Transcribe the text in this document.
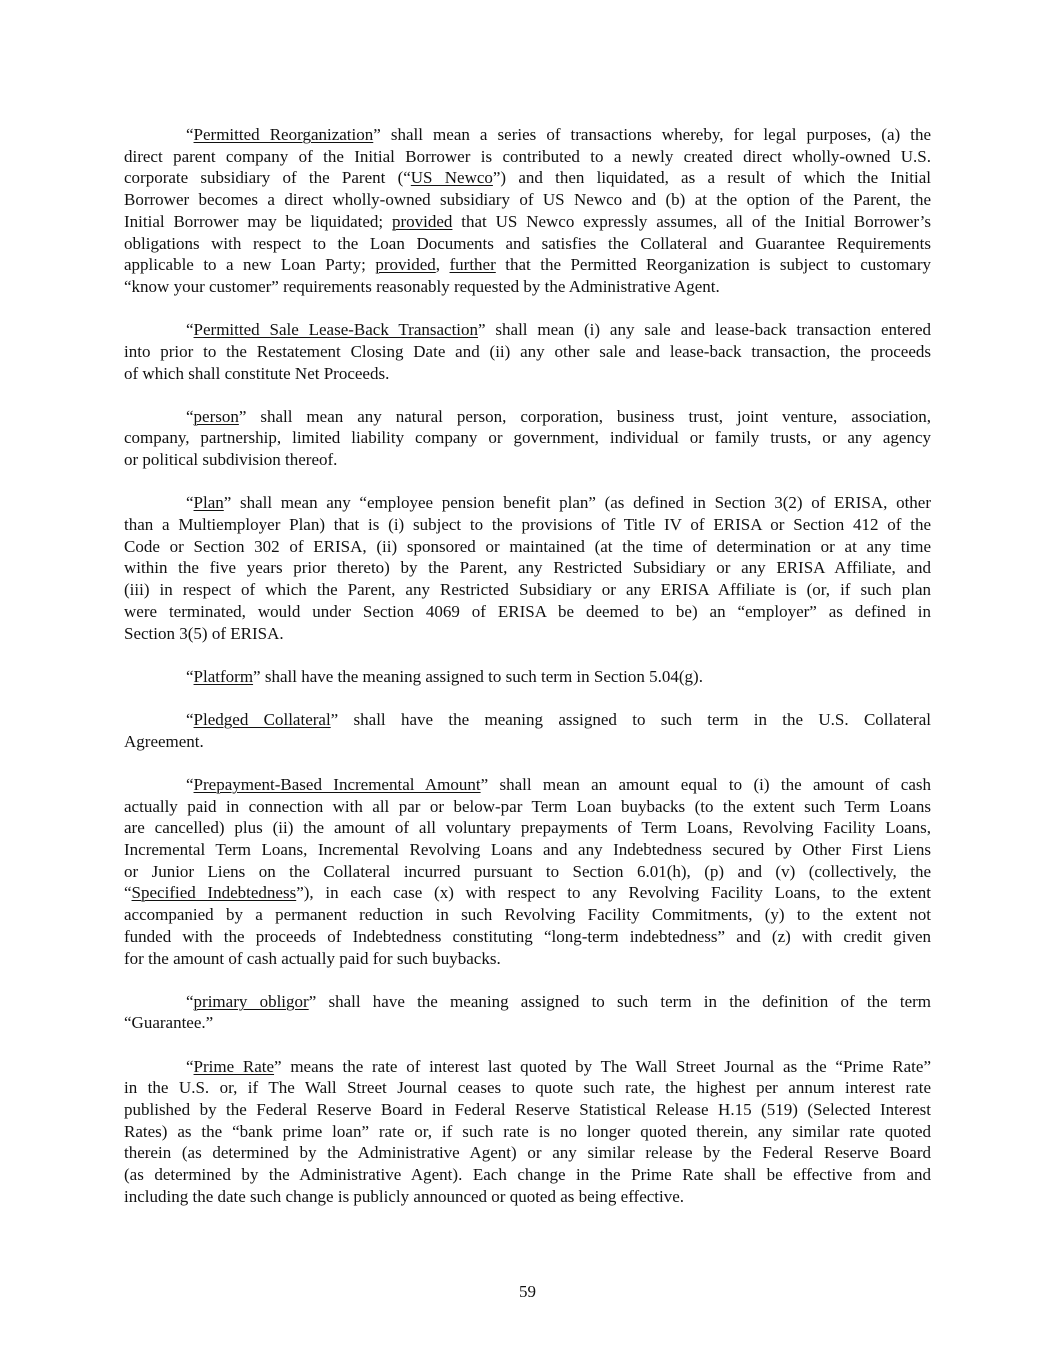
“Permitted Reorganization” shall mean a series of transactions whereby, for legal purposes, (a) the
direct parent company of the Initial Borrower is contributed to a newly created direct wholly-owned U.S.
corporate subsidiary of the Parent (“US Newco”) and then liquidated, as a result of which the Initial
Borrower becomes a direct wholly-owned subsidiary of US Newco and (b) at the option of the Parent, the
Initial Borrower may be liquidated; provided that US Newco expressly assumes, all of the Initial Borrower’s
obligations with respect to the Loan Documents and satisfies the Collateral and Guarantee Requirements
applicable to a new Loan Party; provided, further that the Permitted Reorganization is subject to customary
“know your customer” requirements reasonably requested by the Administrative Agent.
“Permitted Sale Lease-Back Transaction” shall mean (i) any sale and lease-back transaction entered
into prior to the Restatement Closing Date and (ii) any other sale and lease-back transaction, the proceeds
of which shall constitute Net Proceeds.
“person” shall mean any natural person, corporation, business trust, joint venture, association,
company, partnership, limited liability company or government, individual or family trusts, or any agency
or political subdivision thereof.
“Plan” shall mean any “employee pension benefit plan” (as defined in Section 3(2) of ERISA, other
than a Multiemployer Plan) that is (i) subject to the provisions of Title IV of ERISA or Section 412 of the
Code or Section 302 of ERISA, (ii) sponsored or maintained (at the time of determination or at any time
within the five years prior thereto) by the Parent, any Restricted Subsidiary or any ERISA Affiliate, and
(iii) in respect of which the Parent, any Restricted Subsidiary or any ERISA Affiliate is (or, if such plan
were terminated, would under Section 4069 of ERISA be deemed to be) an “employer” as defined in
Section 3(5) of ERISA.
“Platform” shall have the meaning assigned to such term in Section 5.04(g).
“Pledged Collateral” shall have the meaning assigned to such term in the U.S. Collateral
Agreement.
“Prepayment-Based Incremental Amount” shall mean an amount equal to (i) the amount of cash
actually paid in connection with all par or below-par Term Loan buybacks (to the extent such Term Loans
are cancelled) plus (ii) the amount of all voluntary prepayments of Term Loans, Revolving Facility Loans,
Incremental Term Loans, Incremental Revolving Loans and any Indebtedness secured by Other First Liens
or Junior Liens on the Collateral incurred pursuant to Section 6.01(h), (p) and (v) (collectively, the
“Specified Indebtedness”), in each case (x) with respect to any Revolving Facility Loans, to the extent
accompanied by a permanent reduction in such Revolving Facility Commitments, (y) to the extent not
funded with the proceeds of Indebtedness constituting “long-term indebtedness” and (z) with credit given
for the amount of cash actually paid for such buybacks.
“primary obligor” shall have the meaning assigned to such term in the definition of the term
“Guarantee.”
“Prime Rate” means the rate of interest last quoted by The Wall Street Journal as the “Prime Rate”
in the U.S. or, if The Wall Street Journal ceases to quote such rate, the highest per annum interest rate
published by the Federal Reserve Board in Federal Reserve Statistical Release H.15 (519) (Selected Interest
Rates) as the “bank prime loan” rate or, if such rate is no longer quoted therein, any similar rate quoted
therein (as determined by the Administrative Agent) or any similar release by the Federal Reserve Board
(as determined by the Administrative Agent). Each change in the Prime Rate shall be effective from and
including the date such change is publicly announced or quoted as being effective.
59
